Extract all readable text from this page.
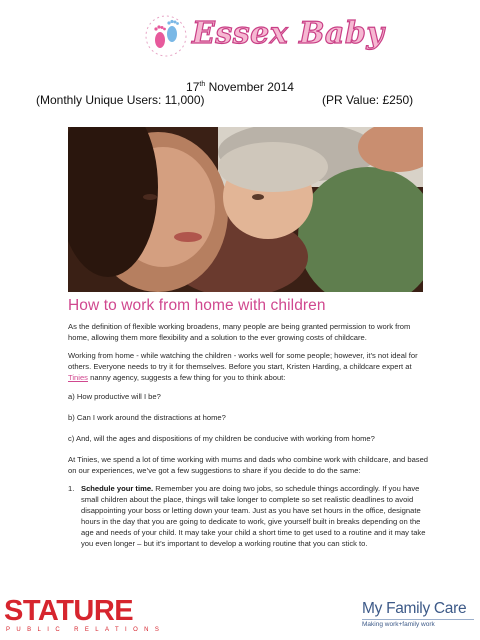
Essex Baby
17th November 2014
(Monthly Unique Users: 11,000)	(PR Value: £250)
How to work from home with children
As the definition of flexible working broadens, many people are being granted permission to work from home, allowing them more flexibility and a solution to the ever growing costs of childcare.
Working from home - while watching the children - works well for some people; however, it’s not ideal for others. Everyone needs to try it for themselves. Before you start, Kristen Harding, a childcare expert at Tinies nanny agency, suggests a few thing for you to think about:
a) How productive will I be?
b) Can I work around the distractions at home?
c) And, will the ages and dispositions of my children be conducive with working from home?
At Tinies, we spend a lot of time working with mums and dads who combine work with childcare, and based on our experiences, we’ve got a few suggestions to share if you decide to do the same:
1. Schedule your time. Remember you are doing two jobs, so schedule things accordingly. If you have small children about the place, things will take longer to complete so set realistic deadlines to avoid disappointing your boss or letting down your team. Just as you have set hours in the office, designate hours in the day that you are going to dedicate to work, give yourself built in breaks depending on the age and needs of your child. It may take your child a short time to get used to a routine and it may take you even longer – but it’s important to develop a working routine that you can stick to.
STATURE
PUBLIC RELATIONS
My Family Care
Making work+family work
